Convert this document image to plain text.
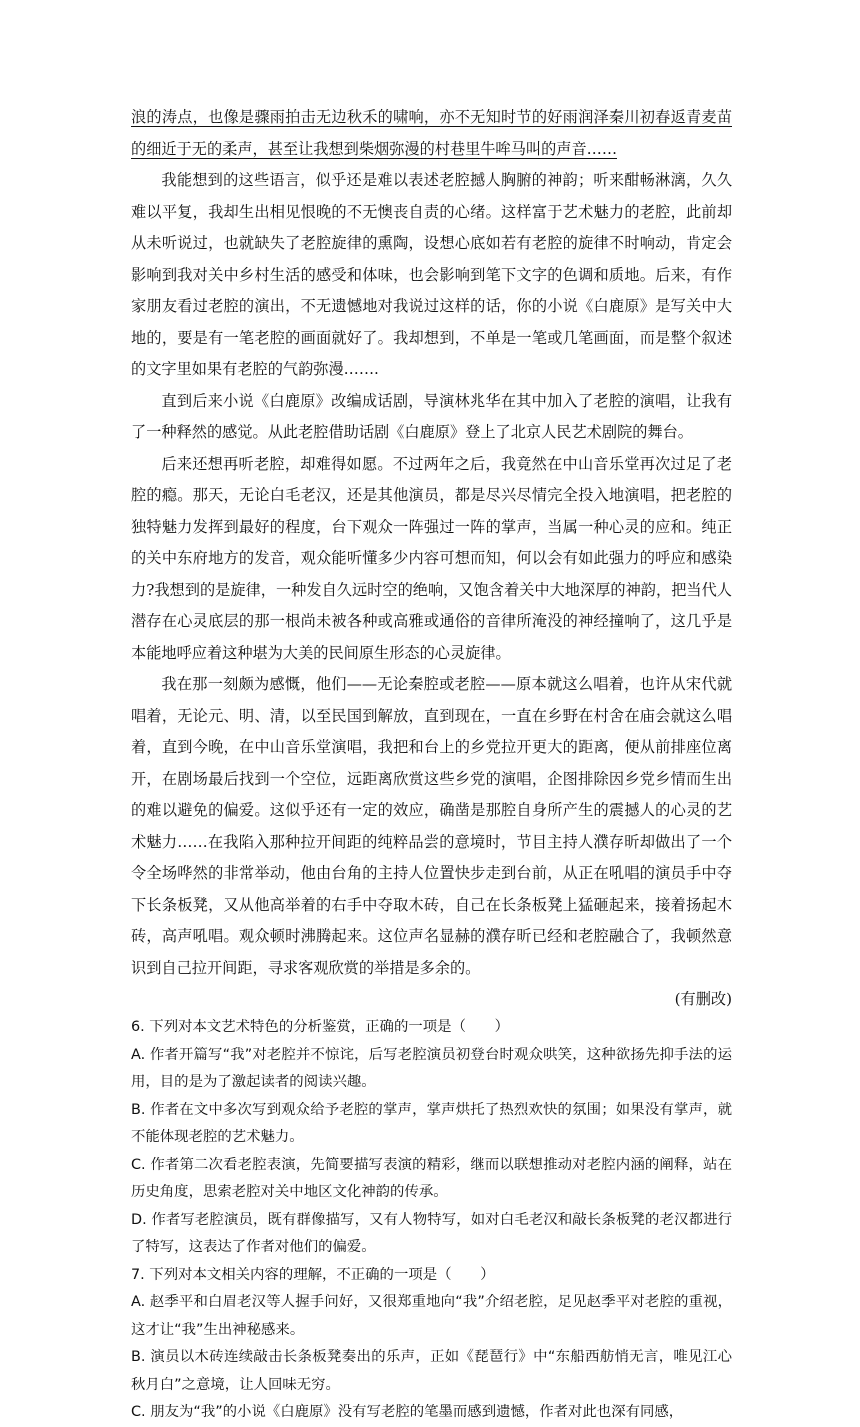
浪的涛点，也像是骤雨拍击无边秋禾的啸响，亦不无知时节的好雨润泽秦川初春返青麦苗的细近于无的柔声，甚至让我想到柴烟弥漫的村巷里牛哞马叫的声音……

我能想到的这些语言，似乎还是难以表述老腔撼人胸腑的神韵；听来酣畅淋漓，久久难以平复，我却生出相见恨晚的不无懊丧自责的心绪。这样富于艺术魅力的老腔，此前却从未听说过，也就缺失了老腔旋律的熏陶，设想心底如若有老腔的旋律不时响动，肯定会影响到我对关中乡村生活的感受和体味，也会影响到笔下文字的色调和质地。后来，有作家朋友看过老腔的演出，不无遗憾地对我说过这样的话，你的小说《白鹿原》是写关中大地的，要是有一笔老腔的画面就好了。我却想到，不单是一笔或几笔画面，而是整个叙述的文字里如果有老腔的气韵弥漫…….

直到后来小说《白鹿原》改编成话剧，导演林兆华在其中加入了老腔的演唱，让我有了一种释然的感觉。从此老腔借助话剧《白鹿原》登上了北京人民艺术剧院的舞台。

后来还想再听老腔，却难得如愿。不过两年之后，我竟然在中山音乐堂再次过足了老腔的瘾。那天，无论白毛老汉，还是其他演员，都是尽兴尽情完全投入地演唱，把老腔的独特魅力发挥到最好的程度，台下观众一阵强过一阵的掌声，当属一种心灵的应和。纯正的关中东府地方的发音，观众能听懂多少内容可想而知，何以会有如此强力的呼应和感染力?我想到的是旋律，一种发自久远时空的绝响，又饱含着关中大地深厚的神韵，把当代人潜存在心灵底层的那一根尚未被各种或高雅或通俗的音律所淹没的神经撞响了，这几乎是本能地呼应着这种堪为大美的民间原生形态的心灵旋律。

我在那一刻颇为感慨，他们——无论秦腔或老腔——原本就这么唱着，也许从宋代就唱着，无论元、明、清，以至民国到解放，直到现在，一直在乡野在村舍在庙会就这么唱着，直到今晚，在中山音乐堂演唱，我把和台上的乡党拉开更大的距离，便从前排座位离开，在剧场最后找到一个空位，远距离欣赏这些乡党的演唱，企图排除因乡党乡情而生出的难以避免的偏爱。这似乎还有一定的效应，确凿是那腔自身所产生的震撼人的心灵的艺术魅力……在我陷入那种拉开间距的纯粹品尝的意境时，节目主持人濮存昕却做出了一个令全场哗然的非常举动，他由台角的主持人位置快步走到台前，从正在吼唱的演员手中夺下长条板凳，又从他高举着的右手中夺取木砖，自己在长条板凳上猛砸起来，接着扬起木砖，高声吼唱。观众顿时沸腾起来。这位声名显赫的濮存昕已经和老腔融合了，我顿然意识到自己拉开间距，寻求客观欣赏的举措是多余的。

(有删改)

6. 下列对本文艺术特色的分析鉴赏，正确的一项是（　　）

A. 作者开篇写“我”对老腔并不惊诧，后写老腔演员初登台时观众哄笑，这种欲扬先抑手法的运用，目的是为了激起读者的阅读兴趣。

B. 作者在文中多次写到观众给予老腔的掌声，掌声烘托了热烈欢快的氛围；如果没有掌声，就不能体现老腔的艺术魅力。

C. 作者第二次看老腔表演，先简要描写表演的精彩，继而以联想推动对老腔内涵的阐释，站在历史角度，思索老腔对关中地区文化神韵的传承。

D. 作者写老腔演员，既有群像描写，又有人物特写，如对白毛老汉和敲长条板凳的老汉都进行了特写，这表达了作者对他们的偏爱。

7. 下列对本文相关内容的理解，不正确的一项是（　　）

A. 赵季平和白眉老汉等人握手问好，又很郑重地向“我”介绍老腔，足见赵季平对老腔的重视，这才让“我”生出神秘感来。

B. 演员以木砖连续敲击长条板凳奏出的乐声，正如《琵琶行》中“东船西舫悄无言，唯见江心秋月白”之意境，让人回味无穷。

C. 朋友为“我”的小说《白鹿原》没有写老腔的笔墨而感到遗憾，作者对此也深有同感，
